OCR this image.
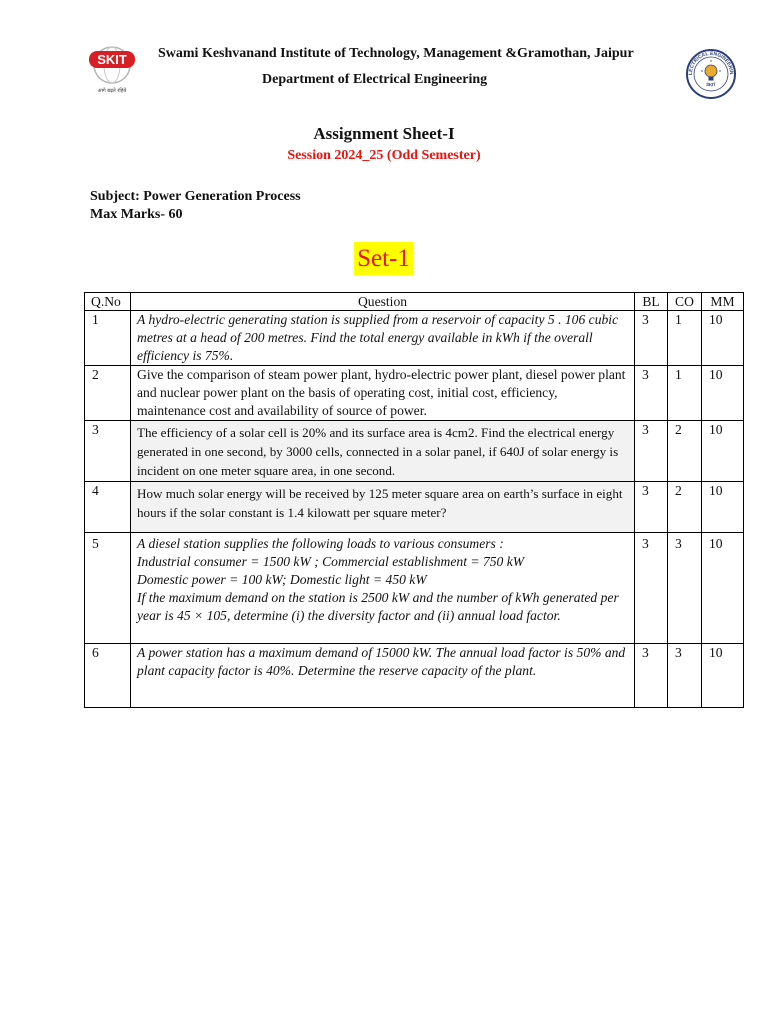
SKIT
आगे बढ़ते रहिये
Swami Keshvanand Institute of Technology, Management &Gramothan, Jaipur
Department of Electrical Engineering	LECTRICAL ENGINEERIN
SKIT
Assignment Sheet-I
Session 2024_25 (Odd Semester)
Subject: Power Generation Process
Max Marks- 60
Set-1
Q.No	Question	BL	CO	MM
1	A hydro-electric generating station is supplied from a reservoir of capacity 5 . 106 cubic metres at a head of 200 metres. Find the total energy available in kWh if the overall efficiency is 75%.	3	1	10
2	Give the comparison of steam power plant, hydro-electric power plant, diesel power plant and nuclear power plant on the basis of operating cost, initial cost, efficiency, maintenance cost and availability of source of power.	3	1	10
3	The efficiency of a solar cell is 20% and its surface area is 4cm2. Find the electrical energy generated in one second, by 3000 cells, connected in a solar panel, if 640J of solar energy is incident on one meter square area, in one second.	3	2	10
4	How much solar energy will be received by 125 meter square area on earth’s surface in eight hours if the solar constant is 1.4 kilowatt per square meter?	3	2	10
5	A diesel station supplies the following loads to various consumers :
Industrial consumer = 1500 kW ; Commercial establishment = 750 kW
Domestic power = 100 kW; Domestic light = 450 kW
If the maximum demand on the station is 2500 kW and the number of kWh generated per year is 45 × 105, determine (i) the diversity factor and (ii) annual load factor.	3	3	10
6	A power station has a maximum demand of 15000 kW. The annual load factor is 50% and plant capacity factor is 40%. Determine the reserve capacity of the plant.	3	3	10
